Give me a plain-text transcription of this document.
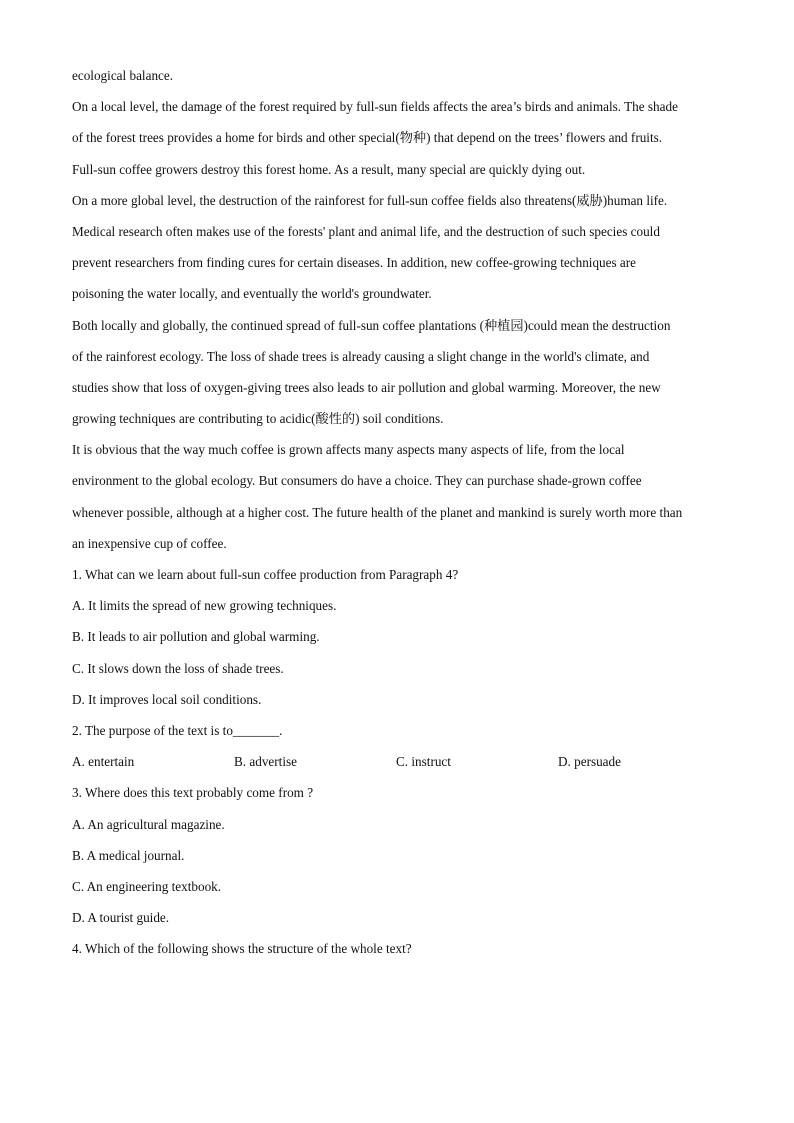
ecological balance.
On a local level, the damage of the forest required by full-sun fields affects the area’s birds and animals. The shade
of the forest trees provides a home for birds and other special(物种) that depend on the trees’ flowers and fruits.
Full-sun coffee growers destroy this forest home. As a result, many special are quickly dying out.
On a more global level, the destruction of the rainforest for full-sun coffee fields also threatens(威胁)human life.
Medical research often makes use of the forests' plant and animal life, and the destruction of such species could
prevent researchers from finding cures for certain diseases. In addition, new coffee-growing techniques are
poisoning the water locally, and eventually the world's groundwater.
Both locally and globally, the continued spread of full-sun coffee plantations (种植园)could mean the destruction
of the rainforest ecology. The loss of shade trees is already causing a slight change in the world's climate, and
studies show that loss of oxygen-giving trees also leads to air pollution and global warming. Moreover, the new
growing techniques are contributing to acidic(酸性的) soil conditions.
It is obvious that the way much coffee is grown affects many aspects many aspects of life, from the local
environment to the global ecology. But consumers do have a choice. They can purchase shade-grown coffee
whenever possible, although at a higher cost. The future health of the planet and mankind is surely worth more than
an inexpensive cup of coffee.
1. What can we learn about full-sun coffee production from Paragraph 4?
A. It limits the spread of new growing techniques.
B. It leads to air pollution and global warming.
C. It slows down the loss of shade trees.
D. It improves local soil conditions.
2. The purpose of the text is to_______.
A. entertain	B. advertise	C. instruct	D. persuade
3. Where does this text probably come from ?
A. An agricultural magazine.
B. A medical journal.
C. An engineering textbook.
D. A tourist guide.
4. Which of the following shows the structure of the whole text?
